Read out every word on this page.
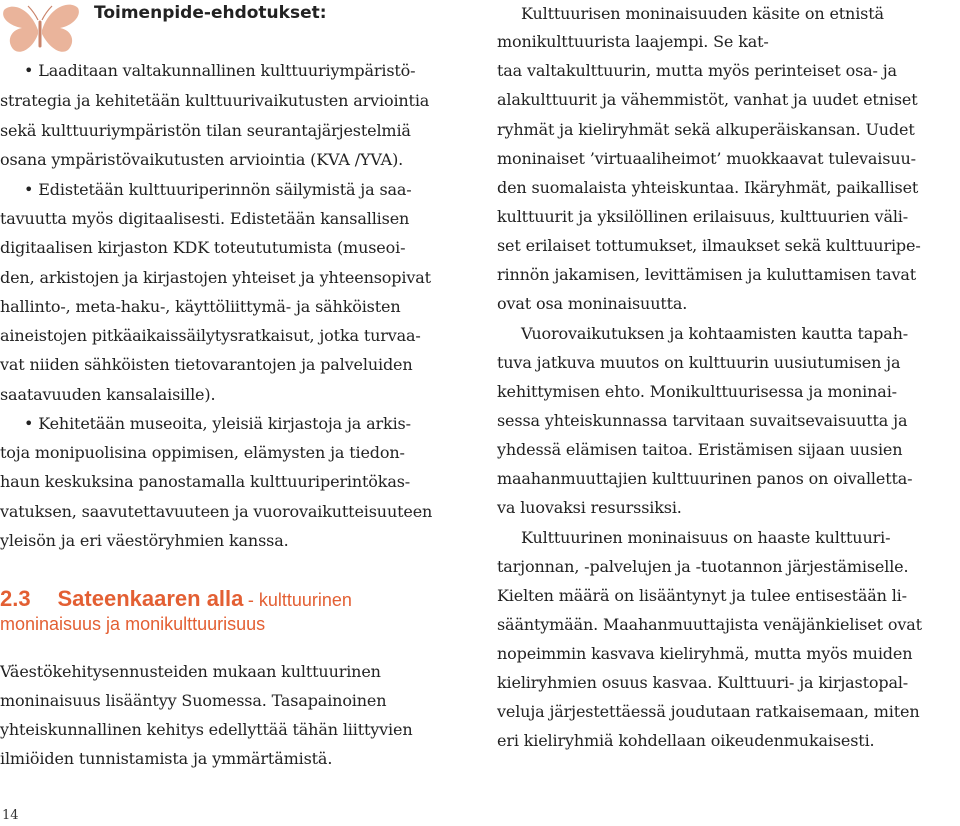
Toimenpide-ehdotukset:
• Laaditaan valtakunnallinen kulttuuriympäristö-
strategia ja kehitetään kulttuurivaikutusten arviointia
sekä kulttuuriympäristön tilan seurantajärjestelmiä
osana ympäristövaikutusten arviointia (KVA /YVA).
• Edistetään kulttuuriperinnön säilymistä ja saa-
tavuutta myös digitaalisesti. Edistetään kansallisen
digitaalisen kirjaston KDK toteututumista (museoi-
den, arkistojen ja kirjastojen yhteiset ja yhteensopivat
hallinto-, meta-haku-, käyttöliittymä- ja sähköisten
aineistojen pitkäaikaissäilytysratkaisut, jotka turvaa-
vat niiden sähköisten tietovarantojen ja palveluiden
saatavuuden kansalaisille).
• Kehitetään museoita, yleisiä kirjastoja ja arkis-
toja monipuolisina oppimisen, elämysten ja tiedon-
haun keskuksina panostamalla kulttuuriperintökas-
vatuksen, saavutettavuuteen ja vuorovaikutteisuuteen
yleisön ja eri väestöryhmien kanssa.
2.3 Sateenkaaren alla - kulttuurinen
moninaisuus ja monikulttuurisuus
Väestökehitysennusteiden mukaan kulttuurinen
moninaisuus lisääntyy Suomessa. Tasapainoinen
yhteiskunnallinen kehitys edellyttää tähän liittyvien
ilmiöiden tunnistamista ja ymmärtämistä.
Kulttuurisen moninaisuuden käsite on etnistä
monikulttuurista laajempi. Se kat-
taa valtakulttuurin, mutta myös perinteiset osa- ja
alakulttuurit ja vähemmistöt, vanhat ja uudet etniset
ryhmät ja kieliryhmät sekä alkuperäiskansan. Uudet
moninaiset ’virtuaaliheimot’ muokkaavat tulevaisuu-
den suomalaista yhteiskuntaa. Ikäryhmät, paikalliset
kulttuurit ja yksilöllinen erilaisuus, kulttuurien väli-
set erilaiset tottumukset, ilmaukset sekä kulttuuripe-
rinnön jakamisen, levittämisen ja kuluttamisen tavat
ovat osa moninaisuutta.
Vuorovaikutuksen ja kohtaamisten kautta tapah-
tuva jatkuva muutos on kulttuurin uusiutumisen ja
kehittymisen ehto. Monikulttuurisessa ja moninai-
sessa yhteiskunnassa tarvitaan suvaitsevaisuutta ja
yhdessä elämisen taitoa. Eristämisen sijaan uusien
maahanmuuttajien kulttuurinen panos on oivalletta-
va luovaksi resurssiksi.
Kulttuurinen moninaisuus on haaste kulttuuri-
tarjonnan, -palvelujen ja -tuotannon järjestämiselle.
Kielten määrä on lisääntynyt ja tulee entisestään li-
sääntymään. Maahanmuuttajista venäjänkieliset ovat
nopeimmin kasvava kieliryhmä, mutta myös muiden
kieliryhmien osuus kasvaa. Kulttuuri- ja kirjastopal-
veluja järjestettäessä joudutaan ratkaisemaan, miten
eri kieliryhmiä kohdellaan oikeudenmukaisesti.
14
